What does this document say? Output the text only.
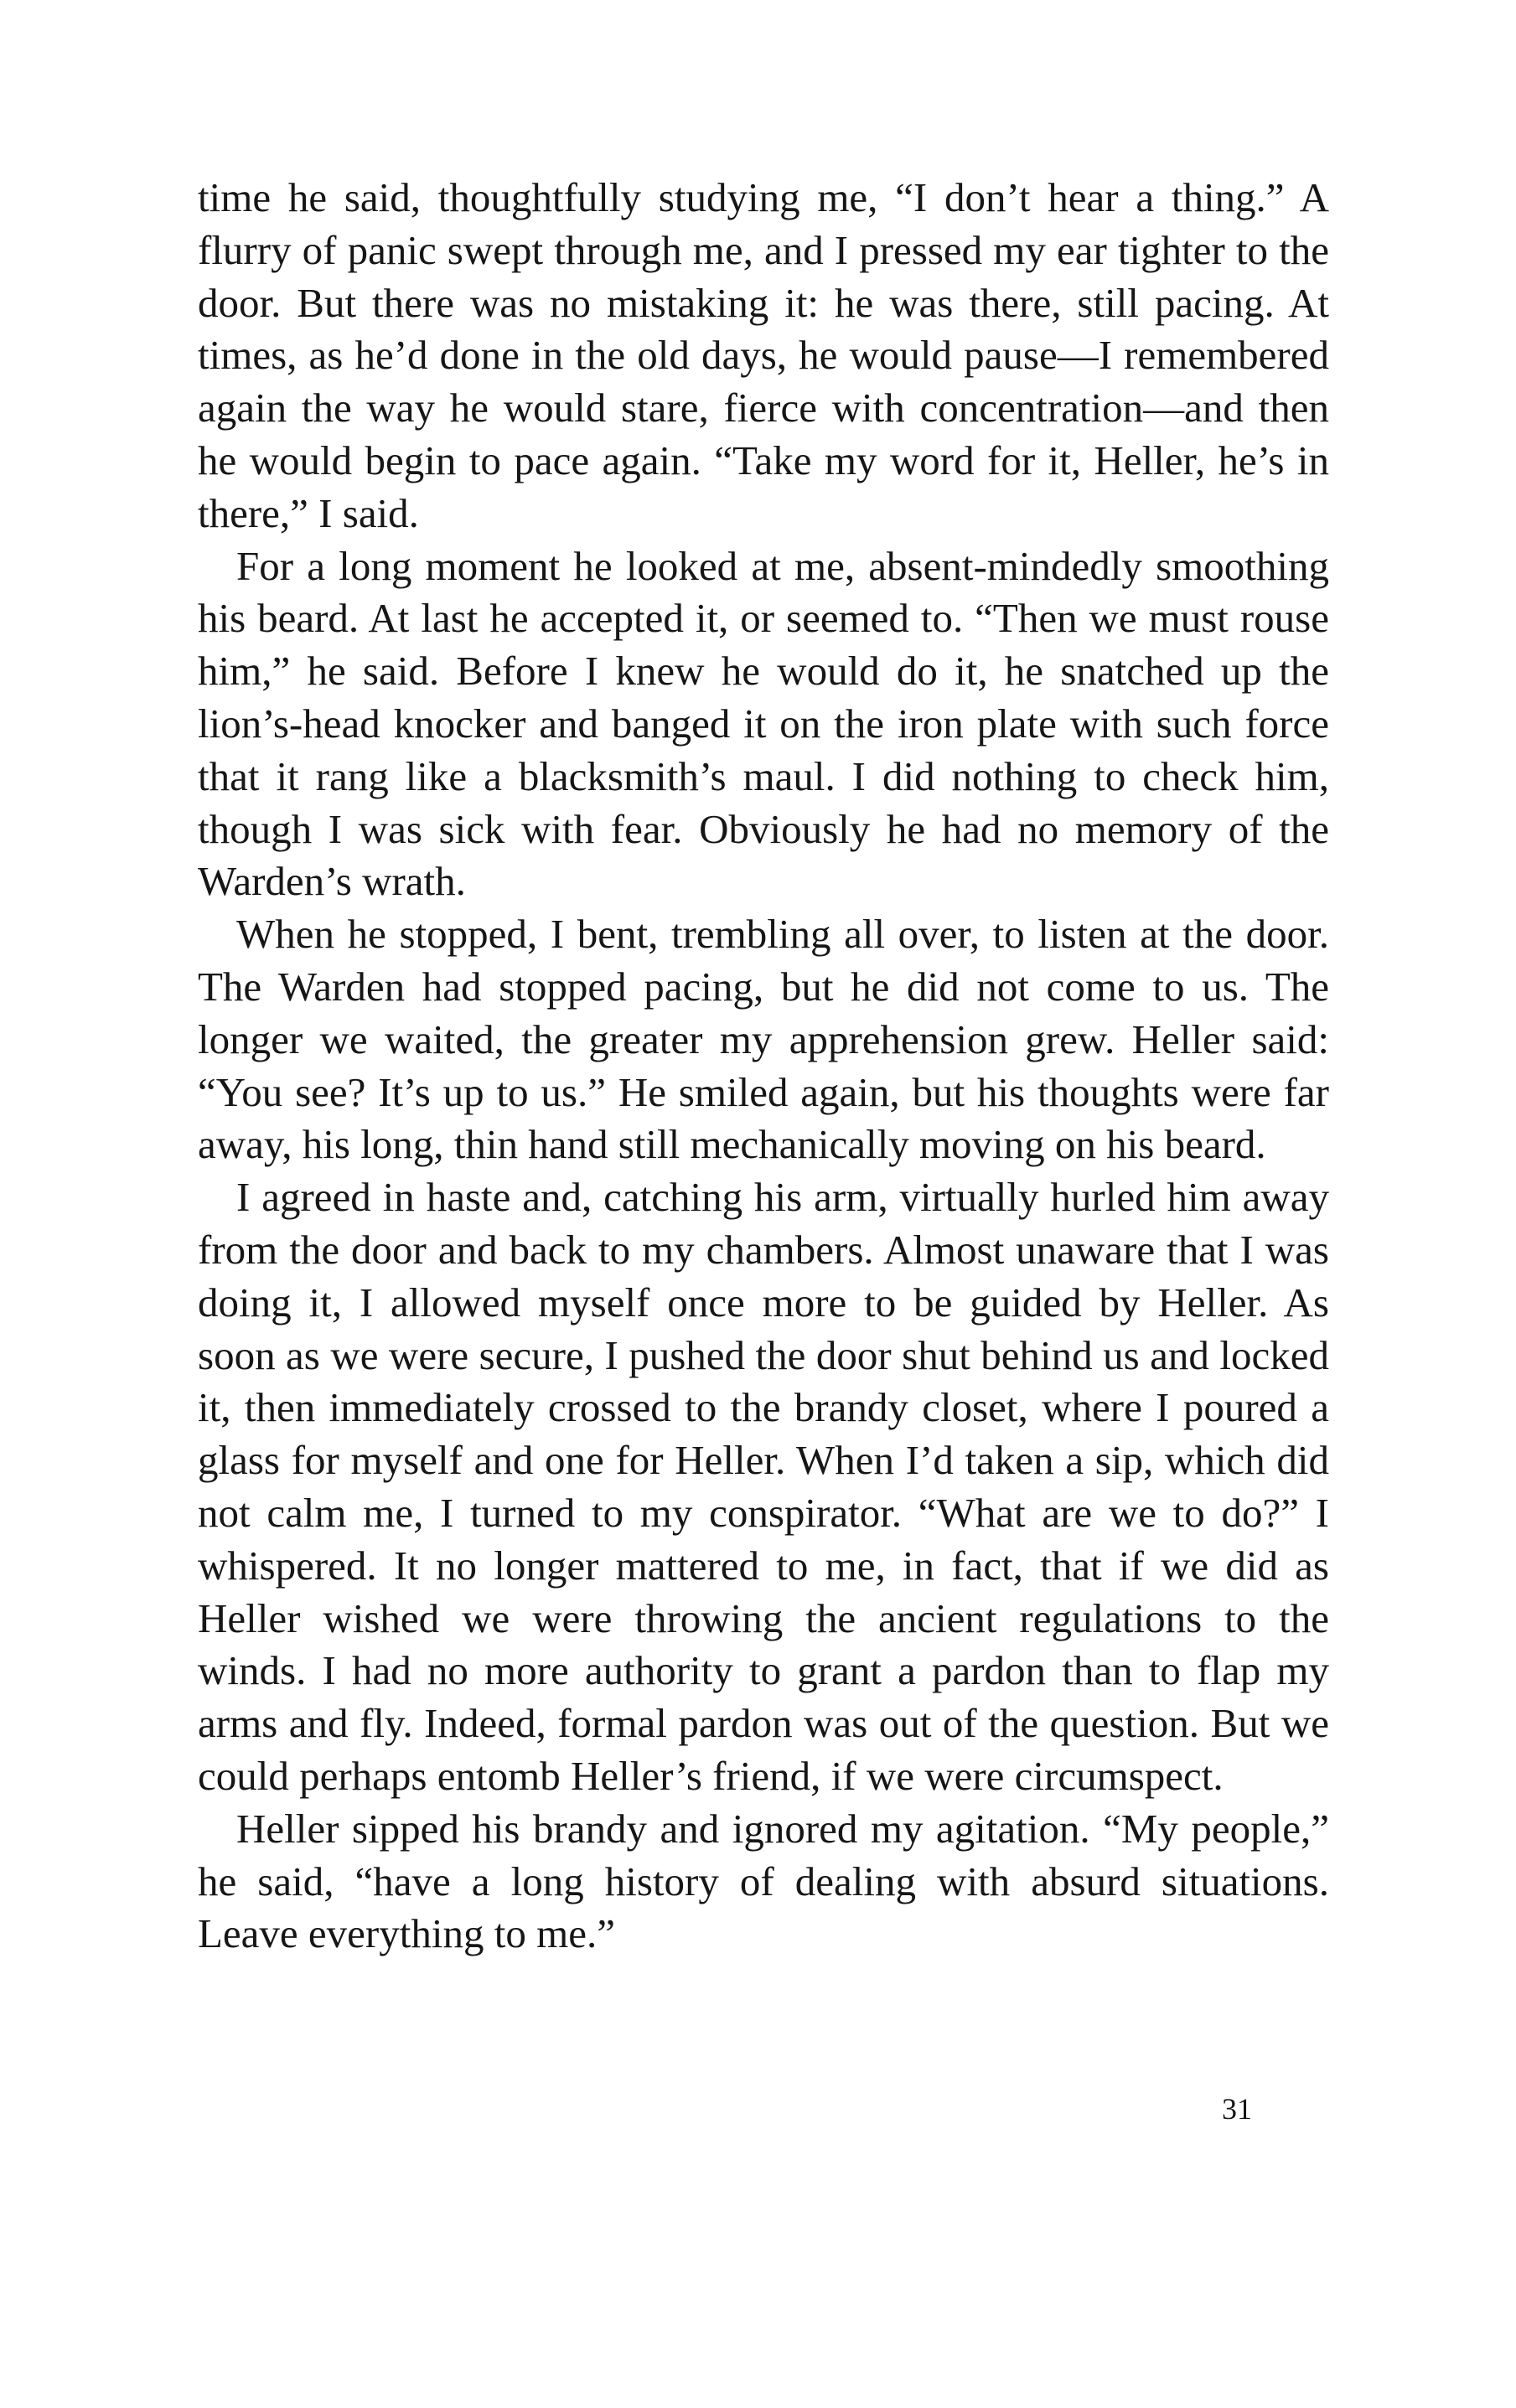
time he said, thoughtfully studying me, “I don’t hear a thing.” A flurry of panic swept through me, and I pressed my ear tighter to the door. But there was no mistaking it: he was there, still pacing. At times, as he’d done in the old days, he would pause—I remembered again the way he would stare, fierce with concentration—and then he would begin to pace again. “Take my word for it, Heller, he’s in there,” I said.

For a long moment he looked at me, absent-mindedly smoothing his beard. At last he accepted it, or seemed to. “Then we must rouse him,” he said. Before I knew he would do it, he snatched up the lion’s-head knocker and banged it on the iron plate with such force that it rang like a blacksmith’s maul. I did nothing to check him, though I was sick with fear. Obviously he had no memory of the Warden’s wrath.

When he stopped, I bent, trembling all over, to listen at the door. The Warden had stopped pacing, but he did not come to us. The longer we waited, the greater my apprehension grew. Heller said: “You see? It’s up to us.” He smiled again, but his thoughts were far away, his long, thin hand still mechanically moving on his beard.

I agreed in haste and, catching his arm, virtually hurled him away from the door and back to my chambers. Almost unaware that I was doing it, I allowed myself once more to be guided by Heller. As soon as we were secure, I pushed the door shut behind us and locked it, then immediately crossed to the brandy closet, where I poured a glass for myself and one for Heller. When I’d taken a sip, which did not calm me, I turned to my conspirator. “What are we to do?” I whispered. It no longer mattered to me, in fact, that if we did as Heller wished we were throwing the ancient regulations to the winds. I had no more authority to grant a pardon than to flap my arms and fly. Indeed, formal pardon was out of the question. But we could perhaps entomb Heller’s friend, if we were circumspect.

Heller sipped his brandy and ignored my agitation. “My people,” he said, “have a long history of dealing with absurd situations. Leave everything to me.”

31
